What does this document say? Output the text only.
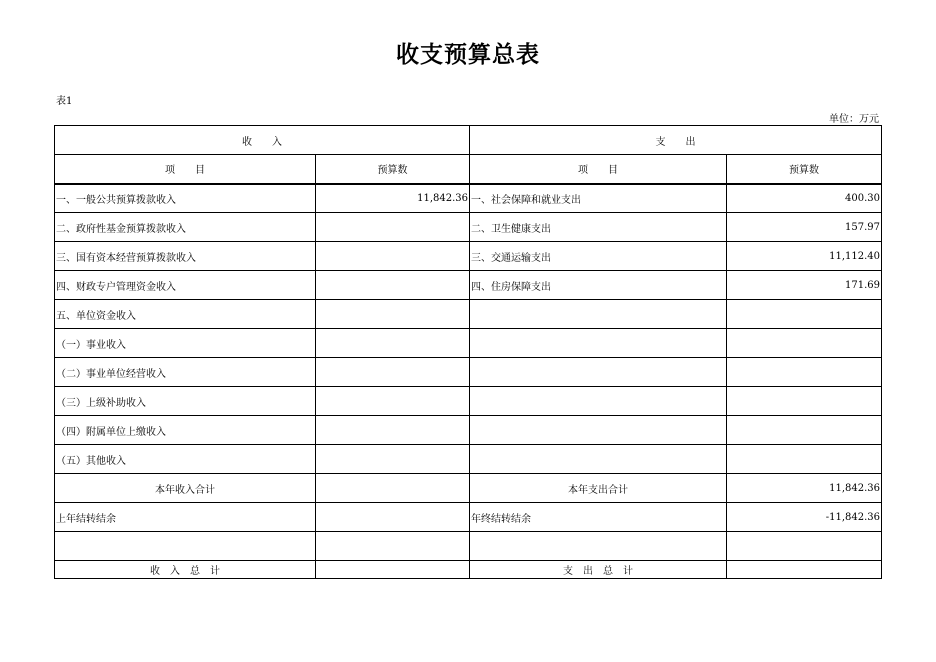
收支预算总表
表1
单位：万元
收　　入		支　　出	
项　　目	预算数	项　　目	预算数
一、一般公共预算拨款收入	11,842.36	一、社会保障和就业支出	400.30
二、政府性基金预算拨款收入		二、卫生健康支出	157.97
三、国有资本经营预算拨款收入		三、交通运输支出	11,112.40
四、财政专户管理资金收入		四、住房保障支出	171.69
五、单位资金收入			
（一）事业收入			
（二）事业单位经营收入			
（三）上级补助收入			
（四）附属单位上缴收入			
（五）其他收入			
本年收入合计		本年支出合计	11,842.36
上年结转结余		年终结转结余	-11,842.36

收　入　总　计		支　出　总　计	
